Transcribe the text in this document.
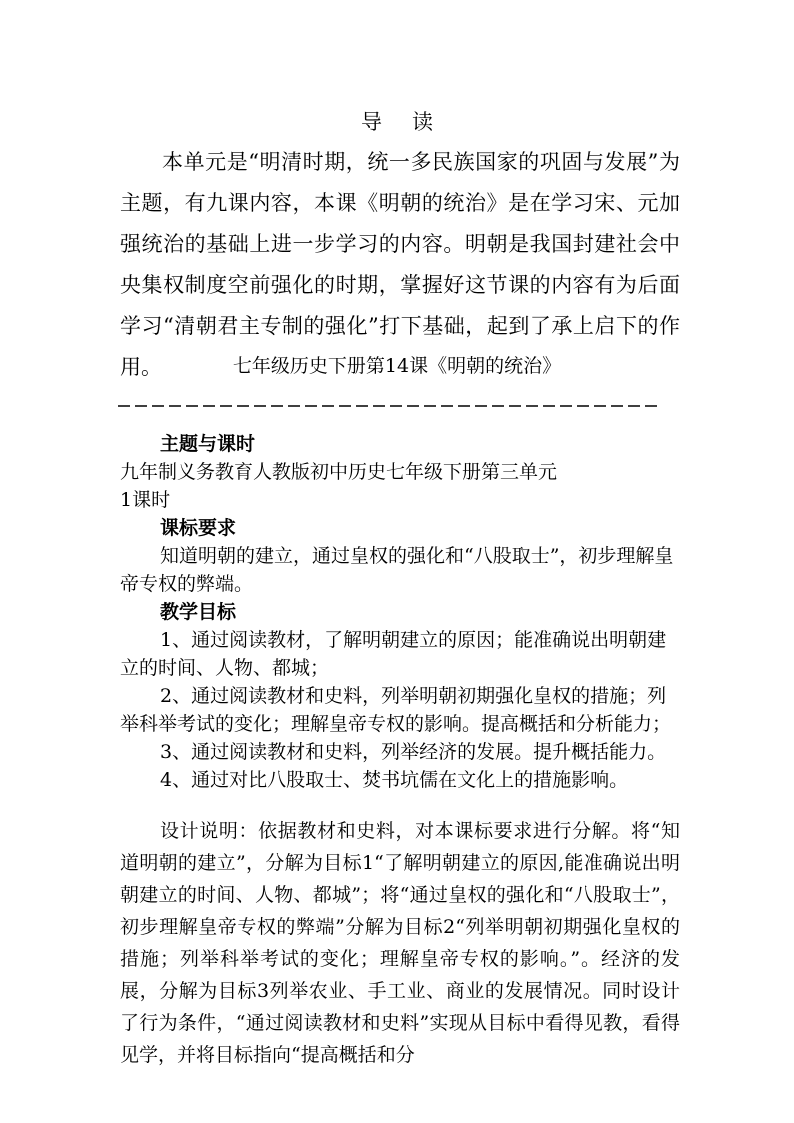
导读

本单元是“明清时期，统一多民族国家的巩固与发展”为主题，有九课内容，本课《明朝的统治》是在学习宋、元加强统治的基础上进一步学习的内容。明朝是我国封建社会中央集权制度空前强化的时期，掌握好这节课的内容有为后面学习“清朝君主专制的强化”打下基础，起到了承上启下的作用。	七年级历史下册第14课《明朝的统治》

主题与课时

九年制义务教育人教版初中历史七年级下册第三单元

1课时

课标要求

知道明朝的建立，通过皇权的强化和“八股取士”，初步理解皇帝专权的弊端。

教学目标

1、通过阅读教材，了解明朝建立的原因；能准确说出明朝建立的时间、人物、都城；

2、通过阅读教材和史料，列举明朝初期强化皇权的措施；列举科举考试的变化；理解皇帝专权的影响。提高概括和分析能力；

3、通过阅读教材和史料，列举经济的发展。提升概括能力。

4、通过对比八股取士、焚书坑儒在文化上的措施影响。

设计说明：依据教材和史料，对本课标要求进行分解。将“知道明朝的建立”，分解为目标1“了解明朝建立的原因,能准确说出明朝建立的时间、人物、都城”；将“通过皇权的强化和“八股取士”，初步理解皇帝专权的弊端”分解为目标2“列举明朝初期强化皇权的措施；列举科举考试的变化；理解皇帝专权的影响。”。经济的发展，分解为目标3列举农业、手工业、商业的发展情况。同时设计了行为条件，“通过阅读教材和史料”实现从目标中看得见教，看得见学，并将目标指向“提高概括和分
